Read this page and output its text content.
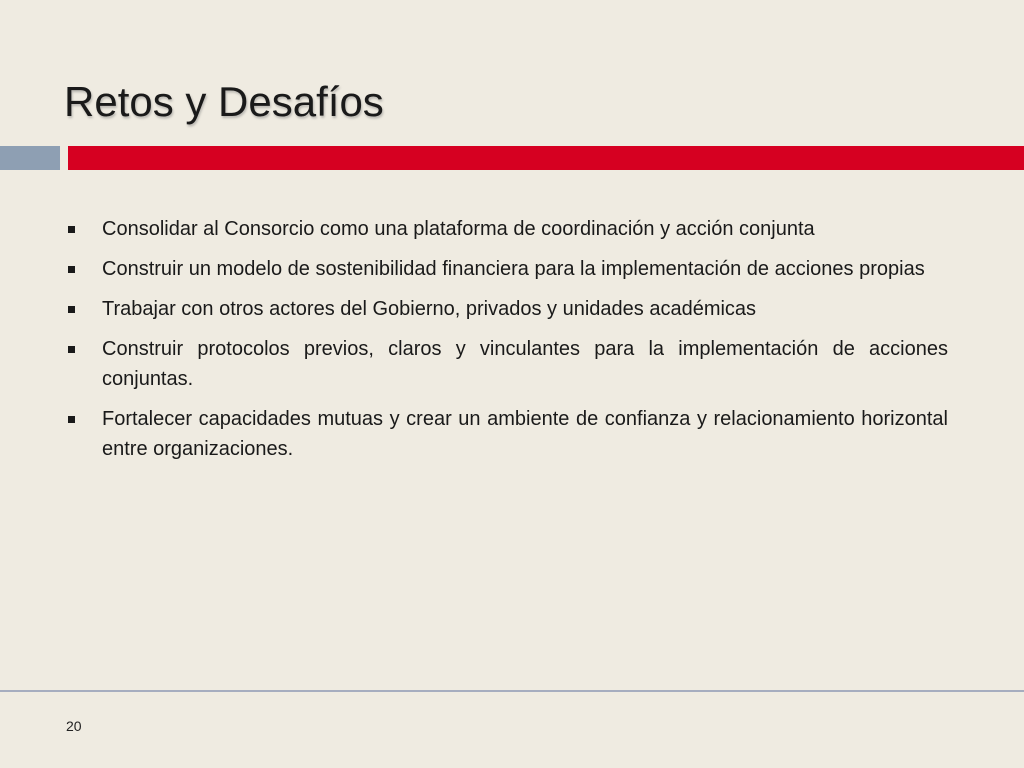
Retos y Desafíos
Consolidar al Consorcio como una plataforma de coordinación y acción conjunta
Construir un modelo de sostenibilidad financiera para la implementación de acciones propias
Trabajar con otros actores del Gobierno, privados y unidades académicas
Construir protocolos previos, claros y vinculantes para la implementación de acciones conjuntas.
Fortalecer capacidades mutuas y crear un ambiente de confianza y relacionamiento horizontal entre organizaciones.
20
